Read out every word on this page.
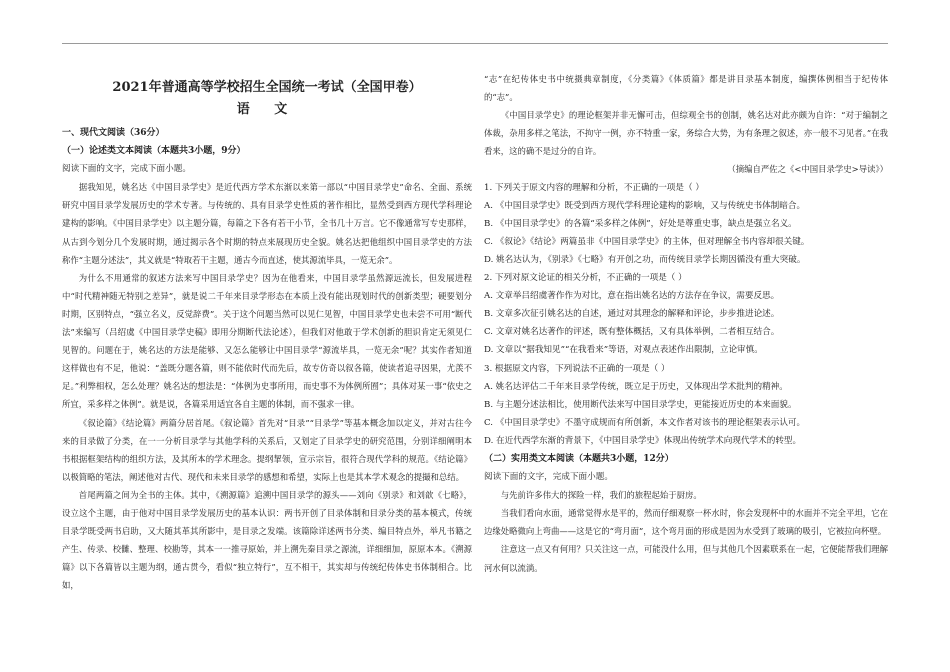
2021年普通高等学校招生全国统一考试（全国甲卷）

语 文

一、现代文阅读（36分）

（一）论述类文本阅读（本题共3小题，9分）

阅读下面的文字，完成下面小题。

据我知见，姚名达《中国目录学史》是近代西方学术东渐以来第一部以“中国目录学史”命名、全面、系统研究中国目录学发展历史的学术专著。与传统的、具有目录学史性质的著作相比，显然受到西方现代学科理论建构的影响。《中国目录学史》以主题分篇，每篇之下各有若干小节，全书几十万言。它不像通常写专史那样，从古到今划分几个发展时期，通过揭示各个时期的特点来展现历史全貌。姚名达把他组织中国目录学史的方法称作“主题分述法”，其义就是“特取若干主题，通古今而直述，使其源流毕具，一览无余”。

为什么不用通常的叙述方法来写中国目录学史？因为在他看来，中国目录学虽然源远流长，但发展进程中“时代精神随无特别之差异”，就是说二千年来目录学形态在本质上没有能出现划时代的创新类型；硬要划分时期，区别特点，“强立名义，反觉辞费”。关于这个问题当然可以见仁见智，中国目录学史也未尝不可用“断代法”来编写（吕绍虞《中国目录学史稿》即用分期断代法论述），但我们对他敢于学术创新的胆识肯定无须见仁见智的。问题在于，姚名达的方法是能够、又怎么能够让中国目录学“源流毕具，一览无余”呢？其实作者知道这样做也有不足，他说：“盖既分题各篇，则不能依时代而先后，故专仿奇以叙各篇，使读者追寻因果，尤羡不足。”利弊相权，怎么处理？姚名达的想法是：“体例为史事所用，而史事不为体例所囿”；具体对某一事“依史之所宜，采多样之体例”。就是说，各篇采用适宜各自主题的体制，而不强求一律。

《叙论篇》《结论篇》两篇分居首尾。《叙论篇》首先对“目录”“目录学”等基本概念加以定义，并对古往今来的目录做了分类，在一一分析目录学与其他学科的关系后，又划定了目录学史的研究范围，分别详细阐明本书根据框架结构的组织方法，及其所本的学术理念。提纲挈领，宣示宗旨，很符合现代学科的规范。《结论篇》以极简略的笔法，阐述他对古代、现代和未来目录学的感想和希望，实际上也是其本学术观念的提撮和总结。

首尾两篇之间为全书的主体。其中，《溯源篇》追溯中国目录学的源头——刘向《别录》和刘歆《七略》，设立这个主题，由于他对中国目录学发展历史的基本认识：两书开创了目录体制和目录分类的基本模式，传统目录学既受两书启助，又大随其革其所影中，是目录之发端。该篇除详述两书分类、编目特点外，举凡书籍之产生、传录、校雠、整理、校勘等，其本一一推寻原始，并上溯先秦目录之源流，详细细加，原原本本。《溯源篇》以下各篇皆以主题为纲，通古贯今，看似“独立特行”，互不相干，其实却与传统纪传体史书体制相合。比如，

“志”在纪传体史书中统摄典章制度，《分类篇》《体质篇》都是讲目录基本制度，编撰体例相当于纪传体的“志”。

《中国目录学史》的理论框架并非无懈可击，但综观全书的创制，姚名达对此亦颇为自许：“对于编制之体裁，杂用多样之笔法，不拘守一例，亦不特重一家，务综合大势，为有条理之叙述，亦一般不习见者。”在我看来，这的确不是过分的自许。

（摘编自严佐之《<中国目录学史>导读》）

1. 下列关于原文内容的理解和分析，不正确的一项是（ ）

A. 《中国目录学史》既受到西方现代学科理论建构的影响，又与传统史书体制暗合。

B. 《中国目录学史》的各篇“采多样之体例”，好处是尊重史事，缺点是强立名义。

C. 《叙论》《结论》两篇虽非《中国目录学史》的主体，但对理解全书内容却很关键。

D. 姚名达认为，《别录》《七略》有开创之功，而传统目录学长期因循没有重大突破。

2. 下列对原文论证的相关分析，不正确的一项是（ ）

A. 文章举吕绍虞著作作为对比，意在指出姚名达的方法存在争议，需要反思。

B. 文章多次征引姚名达的自述，通过对其理念的解释和评论，步步推进论述。

C. 文章对姚名达著作的评述，既有整体概括，又有具体举例，二者相互结合。

D. 文章以“据我知见”“在我看来”等语，对观点表述作出限制，立论审慎。

3. 根据原文内容，下列说法不正确的一项是（ ）

A. 姚名达评估二千年来目录学传统，既立足于历史，又体现出学术批判的精神。

B. 与主题分述法相比，使用断代法来写中国目录学史，更能接近历史的本来面貌。

C. 《中国目录学史》不墨守成规而有所创新，本文作者对该书的理论框架表示认可。

D. 在近代西学东渐的背景下，《中国目录学史》体现出传统学术向现代学术的转型。

（二）实用类文本阅读（本题共3小题，12分）

阅读下面的文字，完成下面小题。

与先前许多伟大的探险一样，我们的旅程起始于厨房。

当我们看向水面，通常觉得水是平的，然而仔细观察一杯水时，你会发现杯中的水面并不完全平坦，它在边缘处略微向上弯曲——这是它的“弯月面”，这个弯月面的形成是因为水受到了玻璃的吸引，它被拉向杯壁。

注意这一点又有何用？只关注这一点，可能没什么用，但与其他几个因素联系在一起，它便能帮我们理解河水何以流淌。
